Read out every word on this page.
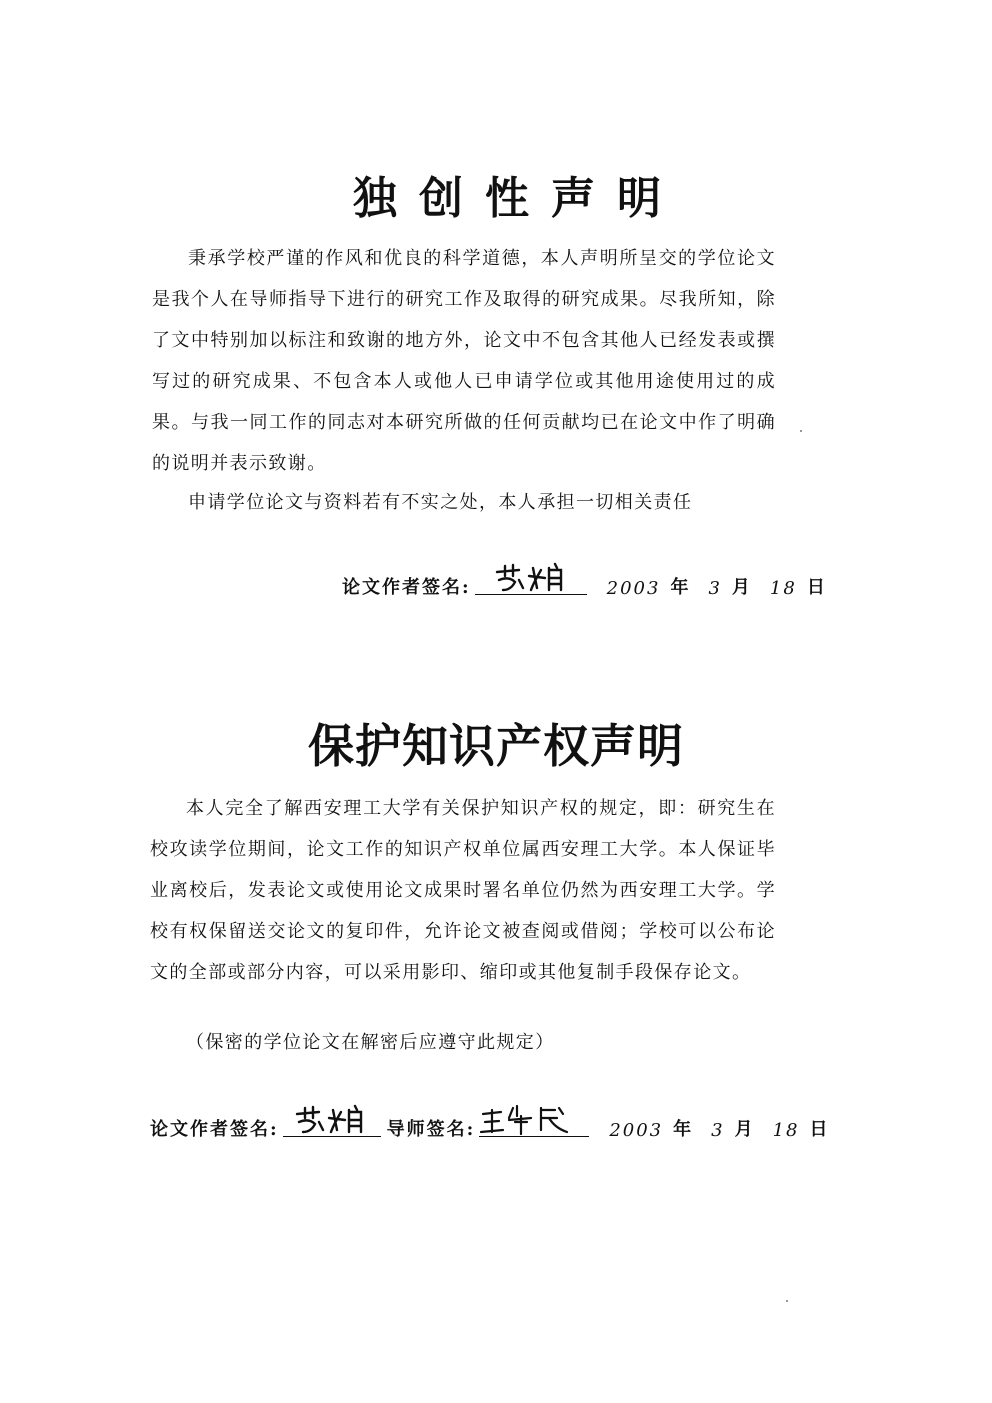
独创性声明

秉承学校严谨的作风和优良的科学道德，本人声明所呈交的学位论文是我个人在导师指导下进行的研究工作及取得的研究成果。尽我所知，除了文中特别加以标注和致谢的地方外，论文中不包含其他人已经发表或撰写过的研究成果、不包含本人或他人已申请学位或其他用途使用过的成果。与我一同工作的同志对本研究所做的任何贡献均已在论文中作了明确的说明并表示致谢。

申请学位论文与资料若有不实之处，本人承担一切相关责任

论文作者签名:	2003 年 3 月 18 日
保护知识产权声明

本人完全了解西安理工大学有关保护知识产权的规定，即：研究生在校攻读学位期间，论文工作的知识产权单位属西安理工大学。本人保证毕业离校后，发表论文或使用论文成果时署名单位仍然为西安理工大学。学校有权保留送交论文的复印件，允许论文被查阅或借阅；学校可以公布论文的全部或部分内容，可以采用影印、缩印或其他复制手段保存论文。

（保密的学位论文在解密后应遵守此规定）

论文作者签名:	导师签名:	2003 年 3 月 18 日
